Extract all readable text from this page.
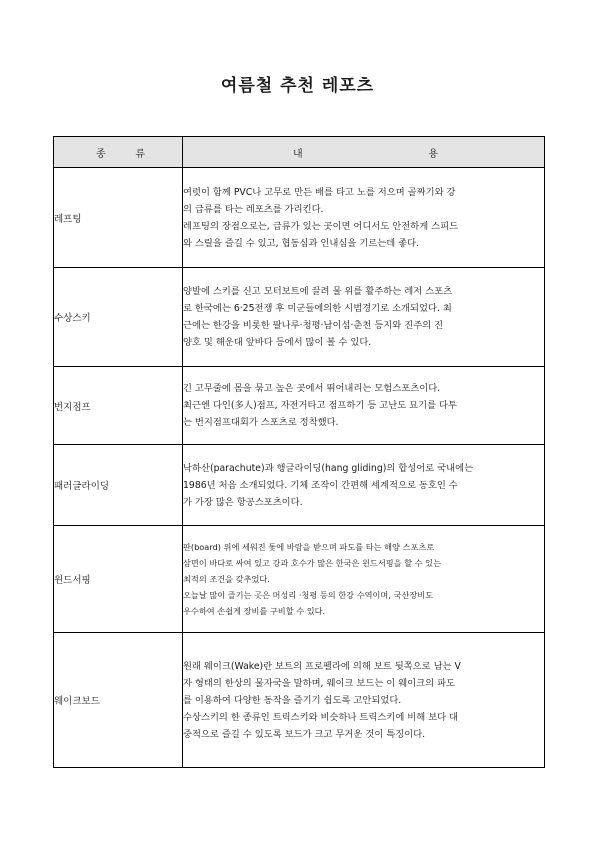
여름철 추천 레포츠
종 류	내 용

레프팅	여럿이 함께 PVC나 고무로 만든 배를 타고 노를 저으며 골짜기와 강
의 급류를 타는 레포츠를 가리킨다.
레프팅의 장점으로는, 급류가 있는 곳이면 어디서도 안전하게 스피드
와 스릴을 즐길 수 있고, 협동심과 인내심을 기르는데 좋다.

수상스키	양발에 스키를 신고 모터보트에 끌려 물 위를 활주하는 레저 스포츠
로 한국에는 6·25전쟁 후 미군들에의한 시범경기로 소개되었다. 최
근에는 한강을 비롯한 팔나루·청평·남이섬·춘천 등지와 진주의 진
양호 및 해운대 앞바다 등에서 많이 볼 수 있다.

번지점프	긴 고무줄에 몸을 묶고 높은 곳에서 뛰어내리는 모험스포츠이다.
최근엔 다인(多人)점프, 자전거타고 점프하기 등 고난도 묘기를 다투
는 번지점프대회가 스포츠로 정착했다.

패러글라이딩	낙하산(parachute)과 행글라이딩(hang gliding)의 합성어로 국내에는
1986년 처음 소개되었다. 기체 조작이 간편해 세계적으로 동호인 수
가 가장 많은 항공스포츠이다.

윈드서핑	판(board) 위에 세워진 돛에 바람을 받으며 파도를 타는 해양 스포츠로
삼면이 바다로 싸여 있고 강과 호수가 많은 한국은 윈드서핑을 할 수 있는
최적의 조건을 갖추었다.
오늘날 많이 즐기는 곳은 머성리 ·청평 등의 한강 수역이며, 국산장비도
우수하여 손쉽게 장비를 구비할 수 있다.

웨이크보드	원래 웨이크(Wake)란 보트의 프로펠라에 의해 보트 뒷쪽으로 남는 V
자 형태의 한상의 물자국을 말하며, 웨이크 보드는 이 웨이크의 파도
를 이용하여 다양한 동작을 즐기기 쉽도록 고안되었다.
수상스키의 한 종류인 트릭스키와 비슷하나 트릭스키에 비해 보다 대
중적으로 즐길 수 있도록 보드가 크고 무거운 것이 특징이다.
